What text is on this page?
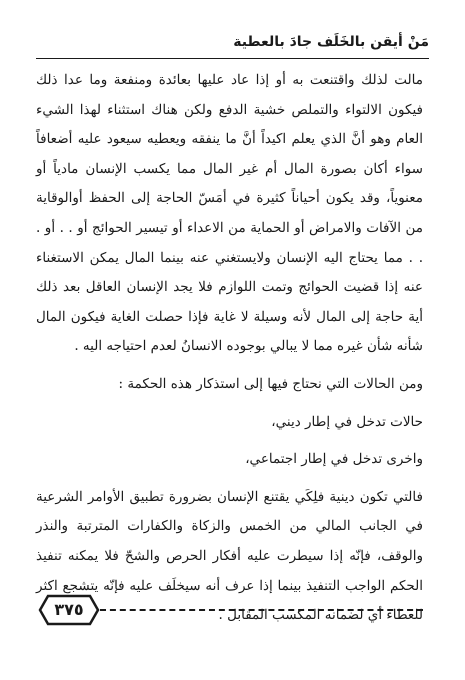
مَنْ أيقن بالخَلَف جادَ بالعطية

مالت لذلك واقتنعت به أو إذا عاد عليها بعائدة ومنفعة وما عدا ذلك فيكون الالتواء والتملص خشية الدفع ولكن هناك استثناء لهذا الشيء العام وهو أنَّ الذي يعلم اكيداً أنَّ ما ينفقه ويعطيه سيعود عليه أضعافاً سواء أكان بصورة المال أم غير المال مما يكسب الإنسان مادياً أو معنوياً، وقد يكون أحياناً كثيرة في أمَسّ الحاجة إلى الحفظ أوالوقاية من الآفات والامراض أو الحماية من الاعداء أو تيسير الحوائج أو . . أو . . . مما يحتاج اليه الإنسان ولايستغني عنه بينما المال يمكن الاستغناء عنه إذا قضيت الحوائج وتمت اللوازم فلا يجد الإنسان العاقل بعد ذلك أية حاجة إلى المال لأنه وسيلة لا غاية فإذا حصلت الغاية فيكون المال شأنه شأن غيره مما لا يبالي بوجوده الانسانُ لعدم احتياجه اليه .

ومن الحالات التي نحتاج فيها إلى استذكار هذه الحكمة :

حالات تدخل في إطار ديني،

واخرى تدخل في إطار اجتماعي،

فالتي تكون دينية فلِكَي يقتنع الإنسان بضرورة تطبيق الأوامر الشرعية في الجانب المالي من الخمس والزكاة والكفارات المترتبة والنذر والوقف، فإنّه إذا سيطرت عليه أفكار الحرص والشحّ فلا يمكنه تنفيذ الحكم الواجب التنفيذ بينما إذا عرف أنه سيخلَف عليه فإنّه يتشجع اكثر للعطاء أي لضمانه المكسب المقابل .

٣٧٥
